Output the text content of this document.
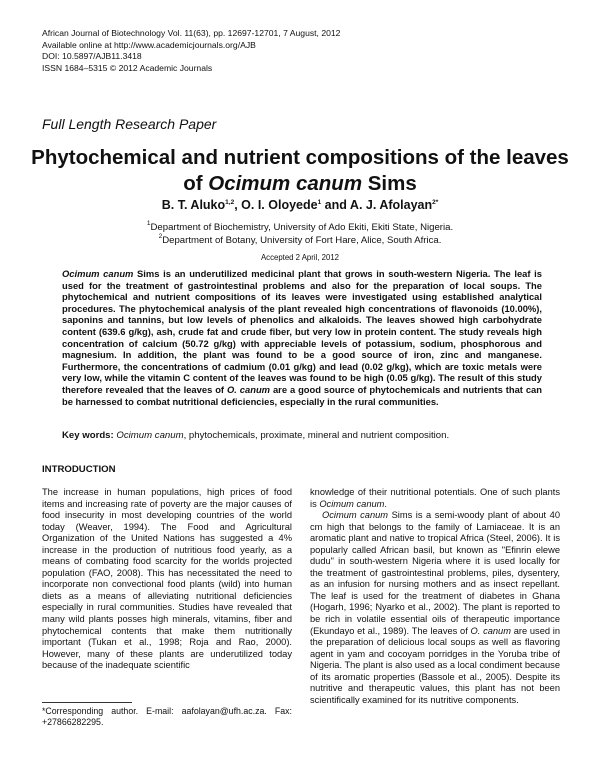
African Journal of Biotechnology Vol. 11(63), pp. 12697-12701, 7 August, 2012
Available online at http://www.academicjournals.org/AJB
DOI: 10.5897/AJB11.3418
ISSN 1684–5315 © 2012 Academic Journals
Full Length Research Paper
Phytochemical and nutrient compositions of the leaves
of Ocimum canum Sims
B. T. Aluko$^{1,2}$, O. I. Oloyede$^1$ and A. J. Afolayan$^{2*}$
$^1$Department of Biochemistry, University of Ado Ekiti, Ekiti State, Nigeria.
$^2$Department of Botany, University of Fort Hare, Alice, South Africa.
Accepted 2 April, 2012
Ocimum canum Sims is an underutilized medicinal plant that grows in south-western Nigeria. The leaf is used for the treatment of gastrointestinal problems and also for the preparation of local soups. The phytochemical and nutrient compositions of its leaves were investigated using established analytical procedures. The phytochemical analysis of the plant revealed high concentrations of flavonoids (10.00%), saponins and tannins, but low levels of phenolics and alkaloids. The leaves showed high carbohydrate content (639.6 g/kg), ash, crude fat and crude fiber, but very low in protein content. The study reveals high concentration of calcium (50.72 g/kg) with appreciable levels of potassium, sodium, phosphorous and magnesium. In addition, the plant was found to be a good source of iron, zinc and manganese. Furthermore, the concentrations of cadmium (0.01 g/kg) and lead (0.02 g/kg), which are toxic metals were very low, while the vitamin C content of the leaves was found to be high (0.05 g/kg). The result of this study therefore revealed that the leaves of O. canum are a good source of phytochemicals and nutrients that can be harnessed to combat nutritional deficiencies, especially in the rural communities.
Key words: Ocimum canum, phytochemicals, proximate, mineral and nutrient composition.
INTRODUCTION

The increase in human populations, high prices of food items and increasing rate of poverty are the major causes of food insecurity in most developing countries of the world today (Weaver, 1994). The Food and Agricultural Organization of the United Nations has suggested a 4% increase in the production of nutritious food yearly, as a means of combating food scarcity for the worlds projected population (FAO, 2008). This has necessitated the need to incorporate non convectional food plants (wild) into human diets as a means of alleviating nutritional deficiencies especially in rural communities. Studies have revealed that many wild plants posses high minerals, vitamins, fiber and phytochemical contents that make them nutritionally important (Tukan et al., 1998; Roja and Rao, 2000). However, many of these plants are underutilized today because of the inadequate scientific

knowledge of their nutritional potentials. One of such plants is Ocimum canum.

Ocimum canum Sims is a semi-woody plant of about 40 cm high that belongs to the family of Lamiaceae. It is an aromatic plant and native to tropical Africa (Steel, 2006). It is popularly called African basil, but known as "Efinrin elewe dudu" in south-western Nigeria where it is used locally for the treatment of gastrointestinal problems, piles, dysentery, as an infusion for nursing mothers and as insect repellant. The leaf is used for the treatment of diabetes in Ghana (Hogarh, 1996; Nyarko et al., 2002). The plant is reported to be rich in volatile essential oils of therapeutic importance (Ekundayo et al., 1989). The leaves of O. canum are used in the preparation of delicious local soups as well as flavoring agent in yam and cocoyam porridges in the Yoruba tribe of Nigeria. The plant is also used as a local condiment because of its aromatic properties (Bassole et al., 2005). Despite its nutritive and therapeutic values, this plant has not been scientifically examined for its nutritive components.

*Corresponding author. E-mail: aafolayan@ufh.ac.za. Fax: +27866282295.
